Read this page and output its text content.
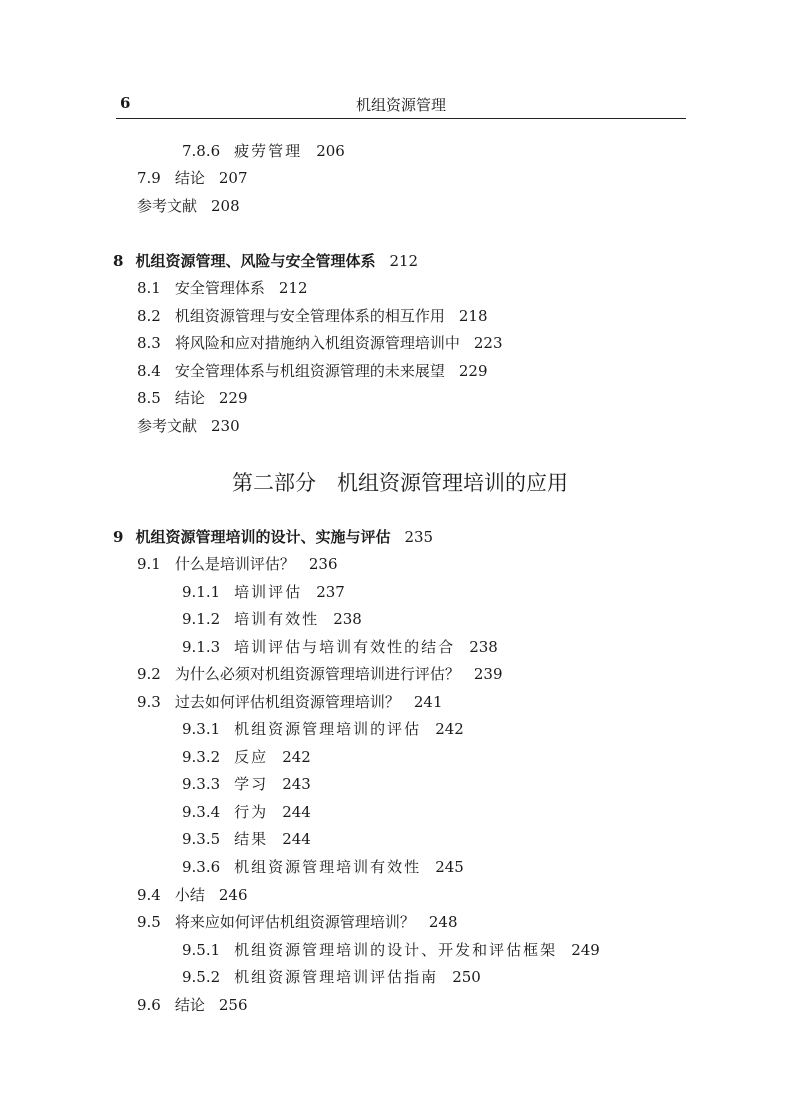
6	机组资源管理
7.8.6 疲劳管理 206
7.9 结论 207
参考文献 208
8 机组资源管理、风险与安全管理体系 212
8.1 安全管理体系 212
8.2 机组资源管理与安全管理体系的相互作用 218
8.3 将风险和应对措施纳入机组资源管理培训中 223
8.4 安全管理体系与机组资源管理的未来展望 229
8.5 结论 229
参考文献 230
第二部分　机组资源管理培训的应用
9 机组资源管理培训的设计、实施与评估 235
9.1 什么是培训评估？ 236
9.1.1 培训评估 237
9.1.2 培训有效性 238
9.1.3 培训评估与培训有效性的结合 238
9.2 为什么必须对机组资源管理培训进行评估？ 239
9.3 过去如何评估机组资源管理培训？ 241
9.3.1 机组资源管理培训的评估 242
9.3.2 反应 242
9.3.3 学习 243
9.3.4 行为 244
9.3.5 结果 244
9.3.6 机组资源管理培训有效性 245
9.4 小结 246
9.5 将来应如何评估机组资源管理培训？ 248
9.5.1 机组资源管理培训的设计、开发和评估框架 249
9.5.2 机组资源管理培训评估指南 250
9.6 结论 256
